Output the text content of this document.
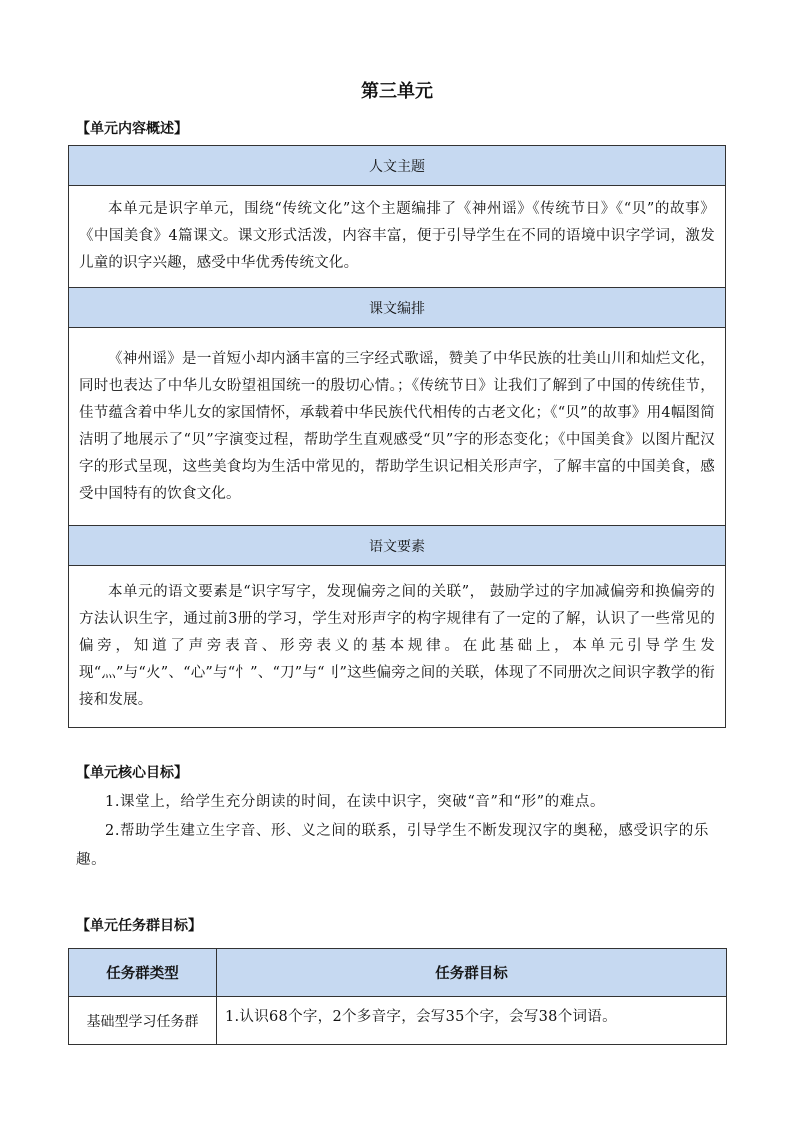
第三单元
【单元内容概述】
人文主题

本单元是识字单元，围绕“传统文化”这个主题编排了《神州谣》《传统节日》《“贝”的故事》《中国美食》4篇课文。课文形式活泼，内容丰富，便于引导学生在不同的语境中识字学词，激发儿童的识字兴趣，感受中华优秀传统文化。

课文编排

《神州谣》是一首短小却内涵丰富的三字经式歌谣，赞美了中华民族的壮美山川和灿烂文化，同时也表达了中华儿女盼望祖国统一的殷切心情。；《传统节日》让我们了解到了中国的传统佳节，佳节蕴含着中华儿女的家国情怀，承载着中华民族代代相传的古老文化；《“贝”的故事》用4幅图简洁明了地展示了“贝”字演变过程，帮助学生直观感受“贝”字的形态变化；《中国美食》以图片配汉字的形式呈现，这些美食均为生活中常见的，帮助学生识记相关形声字，了解丰富的中国美食，感受中国特有的饮食文化。

语文要素

本单元的语文要素是“识字写字，发现偏旁之间的关联”， 鼓励学过的字加减偏旁和换偏旁的方法认识生字，通过前3册的学习，学生对形声字的构字规律有了一定的了解，认识了一些常见的偏旁，知道了声旁表音、形旁表义的基本规律。在此基础上，本单元引导学生发现“灬”与“火”、“心”与“忄”、“刀”与“刂”这些偏旁之间的关联，体现了不同册次之间识字教学的衔接和发展。

【单元核心目标】

1.课堂上，给学生充分朗读的时间，在读中识字，突破“音”和“形”的难点。

2.帮助学生建立生字音、形、义之间的联系，引导学生不断发现汉字的奥秘，感受识字的乐趣。

【单元任务群目标】
任务群类型	任务群目标
基础型学习任务群	1.认识68个字，2个多音字，会写35个字，会写38个词语。
